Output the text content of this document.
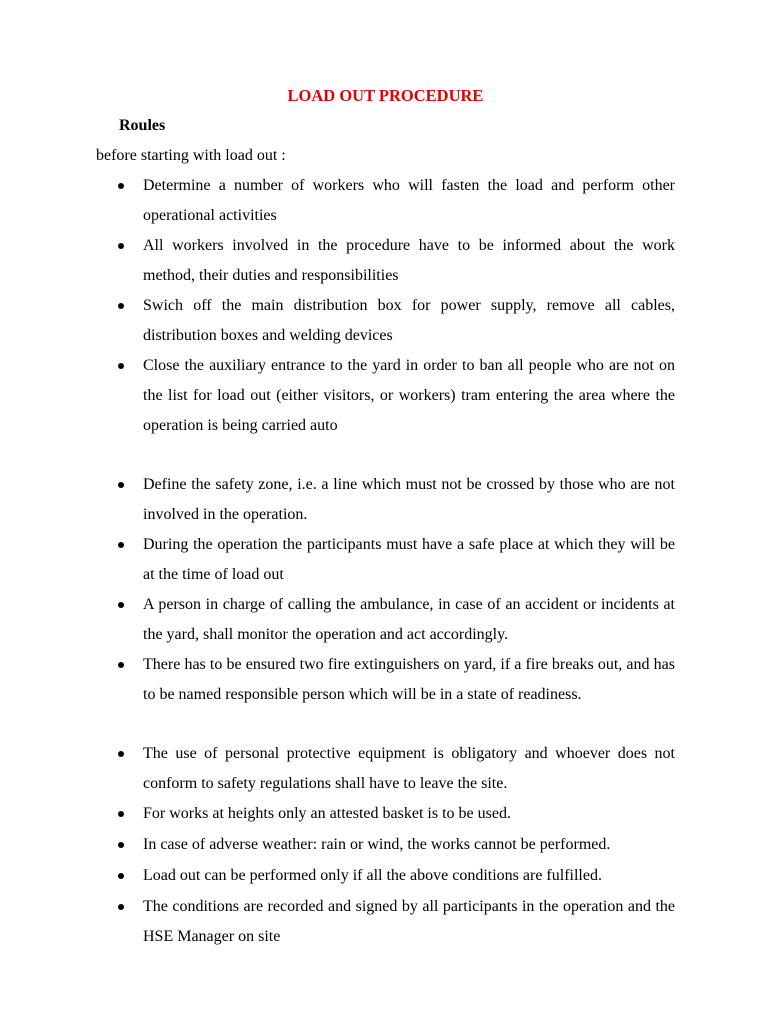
LOAD OUT PROCEDURE
Roules
before starting with load out :
Determine a number of workers who will fasten the load and perform other operational activities
All workers involved in the procedure have to be informed about the work method, their duties and responsibilities
Swich off the main distribution box for power supply, remove all cables, distribution boxes and welding devices
Close the auxiliary entrance to the yard in order to ban all people who are not on the list for load out (either visitors, or workers) tram entering the area where the operation is being carried auto
Define the safety zone, i.e. a line which must not be crossed by those who are not involved in the operation.
During the operation the participants must have a safe place at which they will be at the time of load out
A person in charge of calling the ambulance, in case of an accident or incidents at the yard, shall monitor the operation and act accordingly.
There has to be ensured two fire extinguishers on yard, if a fire breaks out, and has to be named responsible person which will be in a state of readiness.
The use of personal protective equipment is obligatory and whoever does not conform to safety regulations shall have to leave the site.
For works at heights only an attested basket is to be used.
In case of adverse weather: rain or wind, the works cannot be performed.
Load out can be performed only if all the above conditions are fulfilled.
The conditions are recorded and signed by all participants in the operation and the HSE Manager on site
